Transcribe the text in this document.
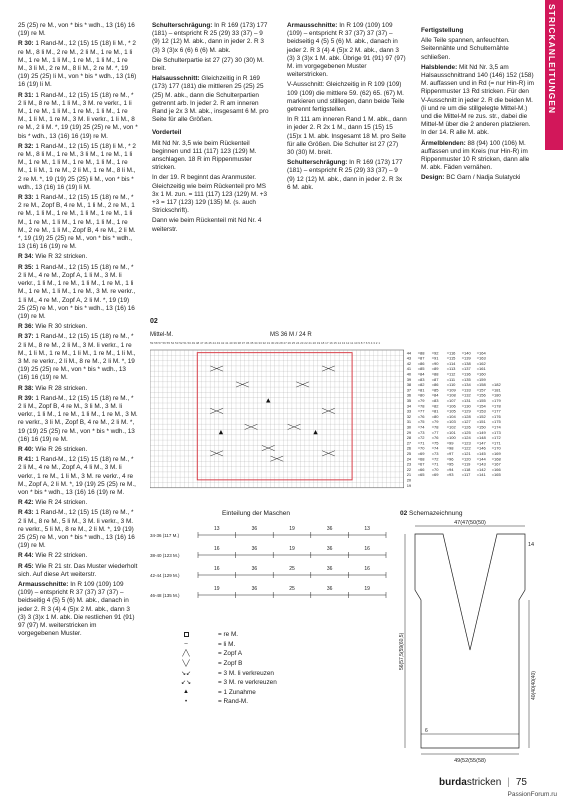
STRICKANLEITUNGEN

25 (25) re M., von * bis * wdh., 13 (16) 16 (19) re M.

R 30: 1 Rand-M., 12 (15) 15 (18) li M., * 2 re M., 8 li M., 2 re M., 2 li M., 1 re M., 1 li M., 1 re M., 1 li M., 1 re M., 1 li M., 1 re M., 3 li M., 2 re M., 8 li M., 2 re M. *, 19 (19) 25 (25) li M., von * bis * wdh., 13 (16) 16 (19) li M.

R 31: 1 Rand-M., 12 (15) 15 (18) re M., * 2 li M., 8 re M., 1 li M., 3 M. re verkr., 1 li M., 1 re M., 1 li M., 1 re M., 1 li M., 1 re M., 1 li M., 1 re M., 3 M. li verkr., 1 li M., 8 re M., 2 li M. *, 19 (19) 25 (25) re M., von * bis * wdh., 13 (16) 16 (19) re M.

R 32: 1 Rand-M., 12 (15) 15 (18) li M., * 2 re M., 8 li M., 1 re M., 3 li M., 1 re M., 1 li M., 1 re M., 1 li M., 1 re M., 1 li M., 1 re M., 1 li M., 1 re M., 2 li M., 1 re M., 8 li M., 2 re M. *, 19 (19) 25 (25) li M., von * bis * wdh., 13 (16) 16 (19) li M.

R 33: 1 Rand-M., 12 (15) 15 (18) re M., * 2 re M., Zopf B, 4 re M., 1 li M., 2 re M., 1 re M., 1 li M., 1 re M., 1 li M., 1 re M., 1 li M., 1 re M., 1 li M., 1 re M., 1 li M., 1 re M., 2 re M., 1 li M., Zopf B, 4 re M., 2 li M. *, 19 (19) 25 (25) re M., von * bis * wdh., 13 (16) 16 (19) re M.

R 34: Wie R 32 stricken.

R 35: 1 Rand-M., 12 (15) 15 (18) re M., * 2 li M., 4 re M., Zopf A, 1 li M., 3 M. li verkr., 1 li M., 1 re M., 1 li M., 1 re M., 1 li M., 1 re M., 1 li M., 1 re M., 3 M. re verkr., 1 li M., 4 re M., Zopf A, 2 li M. *, 19 (19) 25 (25) re M., von * bis * wdh., 13 (16) 16 (19) re M.

R 36: Wie R 30 stricken.

R 37: 1 Rand-M., 12 (15) 15 (18) re M., * 2 li M., 8 re M., 2 li M., 3 M. li verkr., 1 re M., 1 li M., 1 re M., 1 li M., 1 re M., 1 li M., 3 M. re verkr., 2 li M., 8 re M., 2 li M. *, 19 (19) 25 (25) re M., von * bis * wdh., 13 (16) 16 (19) re M.

R 38: Wie R 28 stricken.

R 39: 1 Rand-M., 12 (15) 15 (18) re M., * 2 li M., Zopf B, 4 re M., 3 li M., 3 M. li verkr., 1 li M., 1 re M., 1 li M., 1 re M., 3 M. re verkr., 3 li M., Zopf B, 4 re M., 2 li M. *, 19 (19) 25 (25) re M., von * bis * wdh., 13 (16) 16 (19) re M.

R 40: Wie R 26 stricken.

R 41: 1 Rand-M., 12 (15) 15 (18) re M., * 2 li M., 4 re M., Zopf A, 4 li M., 3 M. li verkr., 1 re M., 1 li M., 3 M. re verkr., 4 re M., Zopf A, 2 li M. *, 19 (19) 25 (25) re M., von * bis * wdh., 13 (16) 16 (19) re M.

R 42: Wie R 24 stricken.

R 43: 1 Rand-M., 12 (15) 15 (18) re M., * 2 li M., 8 re M., 5 li M., 3 M. li verkr., 3 M. re verkr., 5 li M., 8 re M., 2 li M. *, 19 (19) 25 (25) re M., von * bis * wdh., 13 (16) 16 (19) re M.

R 44: Wie R 22 stricken.

R 45: Wie R 21 str. Das Muster wiederholt sich. Auf diese Art weiterstr.

Armausschnitte: In R 109 (109) 109 (109) – entspricht R 37 (37) 37 (37) – beidseitig 4 (5) 5 (6) M. abk., danach in jeder 2. R 3 (4) 4 (5)x 2 M. abk., dann 3 (3) 3 (3)x 1 M. abk. Die restlichen 91 (91) 97 (97) M. weiterstricken im vorgegebenen Muster.

Schulterschrägung: In R 169 (173) 177 (181) – entspricht R 25 (29) 33 (37) – 9 (9) 12 (12) M. abk., dann in jeder 2. R 3 (3) 3 (3)x 6 (6) 6 (6) M. abk.

Die Schulterpartie ist 27 (27) 30 (30) M. breit.

Halsausschnitt: Gleichzeitig in R 169 (173) 177 (181) die mittleren 25 (25) 25 (25) M. abk., dann die Schulterpartien getrennt arb. In jeder 2. R am inneren Rand je 2x 3 M. abk., insgesamt 6 M. pro Seite für alle Größen.

Vorderteil

Mit Nd Nr. 3,5 wie beim Rückenteil beginnen und 111 (117) 123 (129) M. anschlagen. 18 R im Rippenmuster stricken.

In der 19. R beginnt das Aranmuster. Gleichzeitig wie beim Rückenteil pro MS 3x 1 M. zun. = 111 (117) 123 (129) M. +3 +3 = 117 (123) 129 (135) M. (s. auch Strickschrift).

Dann wie beim Rückenteil mit Nd Nr. 4 weiterstr.

Armausschnitte: In R 109 (109) 109 (109) – entspricht R 37 (37) 37 (37) – beidseitig 4 (5) 5 (6) M. abk., danach in jeder 2. R 3 (4) 4 (5)x 2 M. abk., dann 3 (3) 3 (3)x 1 M. abk. Übrige 91 (91) 97 (97) M. im vorgegebenen Muster weiterstricken.

V-Ausschnitt: Gleichzeitig in R 109 (109) 109 (109) die mittlere 59. (62) 65. (67) M. markieren und stilllegen, dann beide Teile getrennt fertigstellen.

In R 111 am inneren Rand 1 M. abk., dann in jeder 2. R 2x 1 M., dann 15 (15) 15 (15)x 1 M. abk. Insgesamt 18 M. pro Seite für alle Größen. Die Schulter ist 27 (27) 30 (30) M. breit.

Schulterschrägung: In R 169 (173) 177 (181) – entspricht R 25 (29) 33 (37) – 9 (9) 12 (12) M. abk., dann in jeder 2. R 3x 6 M. abk.

Fertigstellung

Alle Teile spannen, anfeuchten. Seitennähte und Schulternähte schließen.

Halsblende: Mit Nd Nr. 3,5 am Halsausschnittrand 140 (146) 152 (158) M. auffassen und in Rd (= nur Hin-R) im Rippenmuster 13 Rd stricken. Für den V-Ausschnitt in jeder 2. R die beiden M. (li und re um die stillgelegte Mittel-M.) und die Mittel-M re zus. str., dabei die Mittel-M über die 2 anderen platzieren. In der 14. R alle M. abk.

Ärmelblenden: 88 (94) 100 (106) M. auffassen und im Kreis (nur Hin-R) im Rippenmuster 10 R stricken, dann alle M. abk. Fäden vernähen.

Design: BC Garn / Nadja Sulatycki

02
Mittel-M.	MS 36 M / 24 R
59 58 57 56 55 54 53 52 51 50 49 48 47 46 45 44 43 42 41 40 39 38 37 36 35 34 33 32 31 30 29 28 27 26 25 24 23 22 21 20 19 18 17 16 15 14 13 12 11 10 9 8 7 6 5 4 3 2 1
44 =88 =92 =116 =140 =164
43 =87 =91 =115 =139 =163
42 =86 =90 =114 =138 =162
41 =85 =89 =113 =137 =161
40 =84 =88 =112 =136 =160
39 =83 =87 =111 =135 =159
38 =82 =86 =110 =134 =158 =182
37 =81 =85 =109 =133 =157 =181
36 =80 =84 =108 =132 =156 =180
35 =79 =83 =107 =131 =155 =179
34 =78 =82 =106 =130 =154 =178
33 =77 =81 =105 =129 =153 =177
32 =76 =80 =104 =128 =152 =176
31 =75 =79 =103 =127 =151 =175
30 =74 =78 =102 =126 =150 =174
29 =73 =77 =101 =125 =149 =173
28 =72 =76 =100 =124 =148 =172
27 =71 =75 =99 =123 =147 =171
26 =70 =74 =98 =122 =146 =170
25 =69 =73 =97 =121 =145 =169
24 =68 =72 =96 =120 =144 =168
23 =67 =71 =95 =119 =143 =167
22 =66 =70 =94 =118 =142 =166
21 =65 =69 =93 =117 =141 =165
20
19
Einteilung der Maschen
34-36 (117 M.)
13	36	19	36	13
38-40 (123 M.)
16	36	19	36	16
42-44 (129 M.)
16	36	25	36	16
46-48 (135 M.)
19	36	25	36	19
02 Schemazeichnung
47(47(50(50)
14
56(57,5(59(60,5)
40(40(40(40)
6
49(52(55(58)
= re M.
–	= li M.
╱╲	= Zopf A
╲╱	= Zopf B
↘↙	= 3 M. li verkreuzen
↙↘	= 3 M. re verkreuzen
▲	= 1 Zunahme
•	= Rand-M.
burdastricken | 75
PassionForum.ru
